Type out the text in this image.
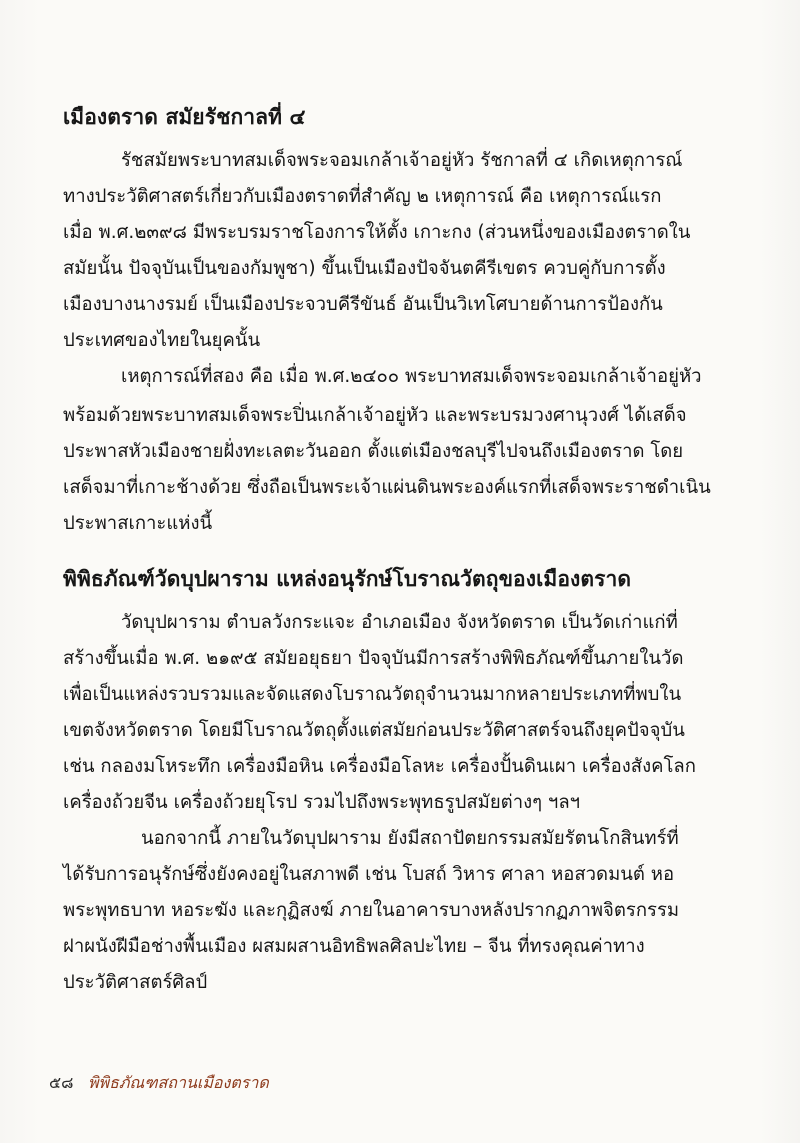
เมืองตราด สมัยรัชกาลที่ ๔
รัชสมัยพระบาทสมเด็จพระจอมเกล้าเจ้าอยู่หัว รัชกาลที่ ๔ เกิดเหตุการณ์
ทางประวัติศาสตร์เกี่ยวกับเมืองตราดที่สำคัญ ๒ เหตุการณ์ คือ เหตุการณ์แรก
เมื่อ พ.ศ.๒๓๙๘ มีพระบรมราชโองการให้ตั้ง เกาะกง (ส่วนหนึ่งของเมืองตราดใน
สมัยนั้น ปัจจุบันเป็นของกัมพูชา) ขึ้นเป็นเมืองปัจจันตคีรีเขตร ควบคู่กับการตั้ง
เมืองบางนางรมย์ เป็นเมืองประจวบคีรีขันธ์ อันเป็นวิเทโศบายด้านการป้องกัน
ประเทศของไทยในยุคนั้น
เหตุการณ์ที่สอง คือ เมื่อ พ.ศ.๒๔๐๐ พระบาทสมเด็จพระจอมเกล้าเจ้าอยู่หัว
พร้อมด้วยพระบาทสมเด็จพระปิ่นเกล้าเจ้าอยู่หัว และพระบรมวงศานุวงศ์ ได้เสด็จ
ประพาสหัวเมืองชายฝั่งทะเลตะวันออก ตั้งแต่เมืองชลบุรีไปจนถึงเมืองตราด โดย
เสด็จมาที่เกาะช้างด้วย ซึ่งถือเป็นพระเจ้าแผ่นดินพระองค์แรกที่เสด็จพระราชดำเนิน
ประพาสเกาะแห่งนี้
พิพิธภัณฑ์วัดบุปผาราม แหล่งอนุรักษ์โบราณวัตถุของเมืองตราด
วัดบุปผาราม ตำบลวังกระแจะ อำเภอเมือง จังหวัดตราด เป็นวัดเก่าแก่ที่
สร้างขึ้นเมื่อ พ.ศ. ๒๑๙๕ สมัยอยุธยา ปัจจุบันมีการสร้างพิพิธภัณฑ์ขึ้นภายในวัด
เพื่อเป็นแหล่งรวบรวมและจัดแสดงโบราณวัตถุจำนวนมากหลายประเภทที่พบใน
เขตจังหวัดตราด โดยมีโบราณวัตถุตั้งแต่สมัยก่อนประวัติศาสตร์จนถึงยุคปัจจุบัน
เช่น กลองมโหระทึก เครื่องมือหิน เครื่องมือโลหะ เครื่องปั้นดินเผา เครื่องสังคโลก
เครื่องถ้วยจีน เครื่องถ้วยยุโรป รวมไปถึงพระพุทธรูปสมัยต่างๆ ฯลฯ
นอกจากนี้ ภายในวัดบุปผาราม ยังมีสถาปัตยกรรมสมัยรัตนโกสินทร์ที่
ได้รับการอนุรักษ์ซึ่งยังคงอยู่ในสภาพดี เช่น โบสถ์ วิหาร ศาลา หอสวดมนต์ หอ
พระพุทธบาท หอระฆัง และกุฏิสงฆ์ ภายในอาคารบางหลังปรากฏภาพจิตรกรรม
ฝาผนังฝีมือช่างพื้นเมือง ผสมผสานอิทธิพลศิลปะไทย – จีน ที่ทรงคุณค่าทาง
ประวัติศาสตร์ศิลป์
๕๘ พิพิธภัณฑสถานเมืองตราด
